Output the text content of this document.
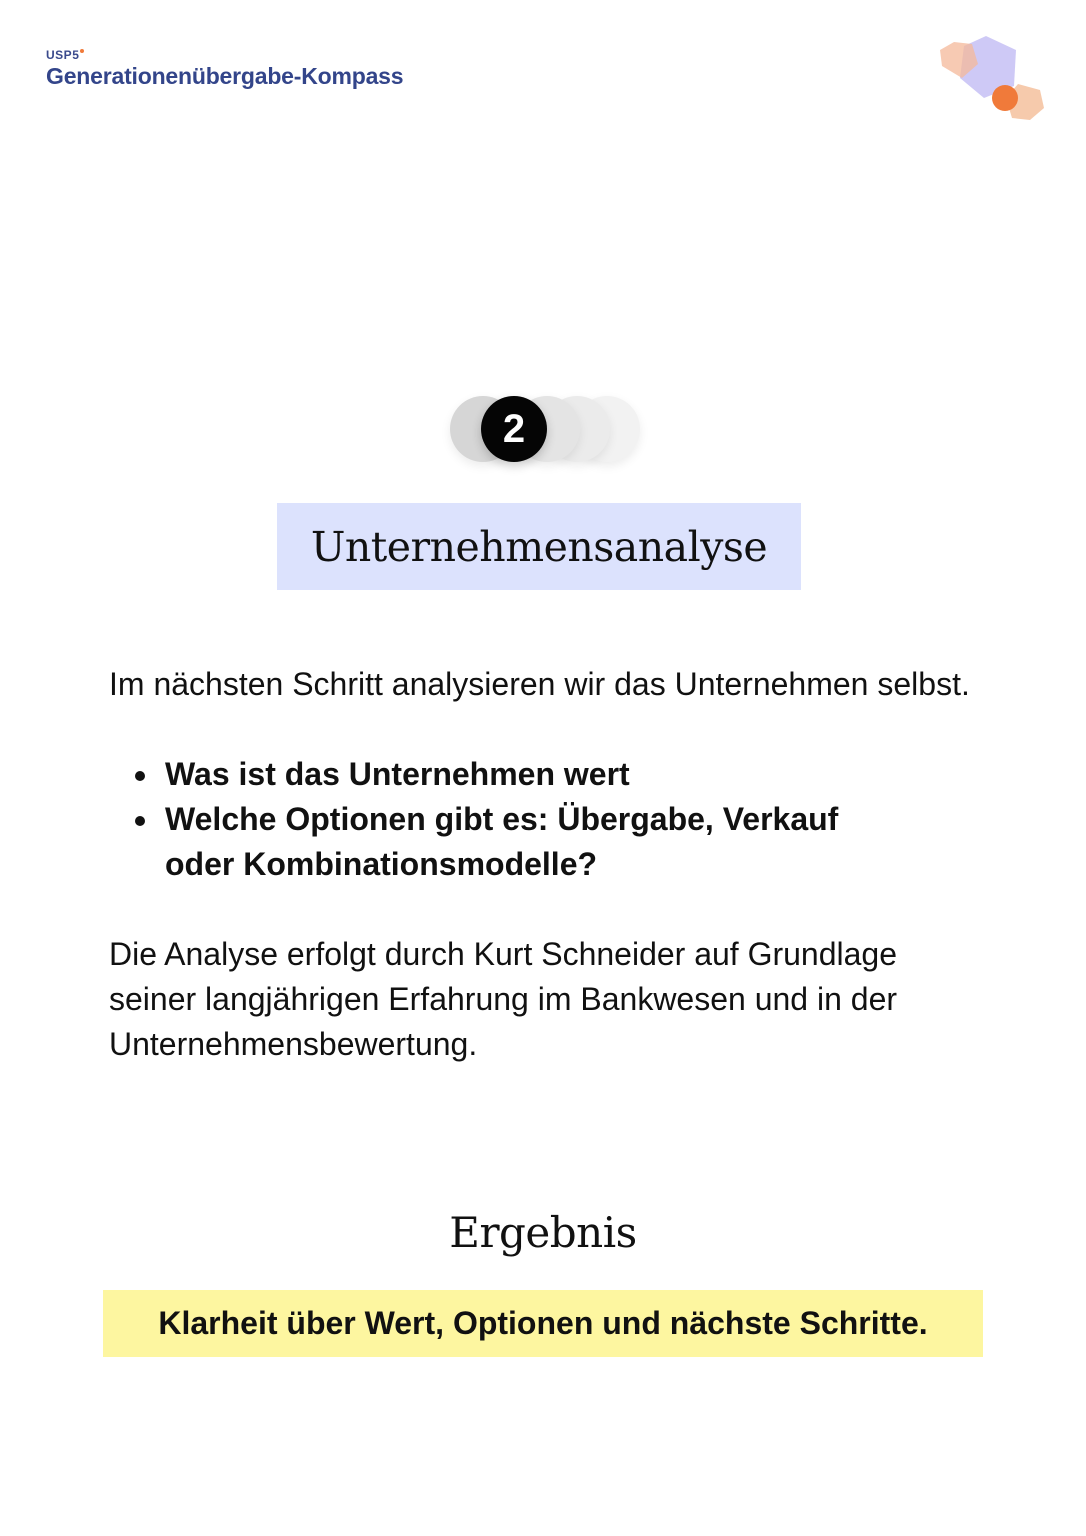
USP 5
Generationenübergabe-Kompass
2
Unternehmensanalyse

Im nächsten Schritt analysieren wir das Unternehmen selbst.

Was ist das Unternehmen wert
Welche Optionen gibt es: Übergabe, Verkauf oder Kombinationsmodelle?

Die Analyse erfolgt durch Kurt Schneider auf Grundlage seiner langjährigen Erfahrung im Bankwesen und in der Unternehmensbewertung.

Ergebnis
Klarheit über Wert, Optionen und nächste Schritte.
